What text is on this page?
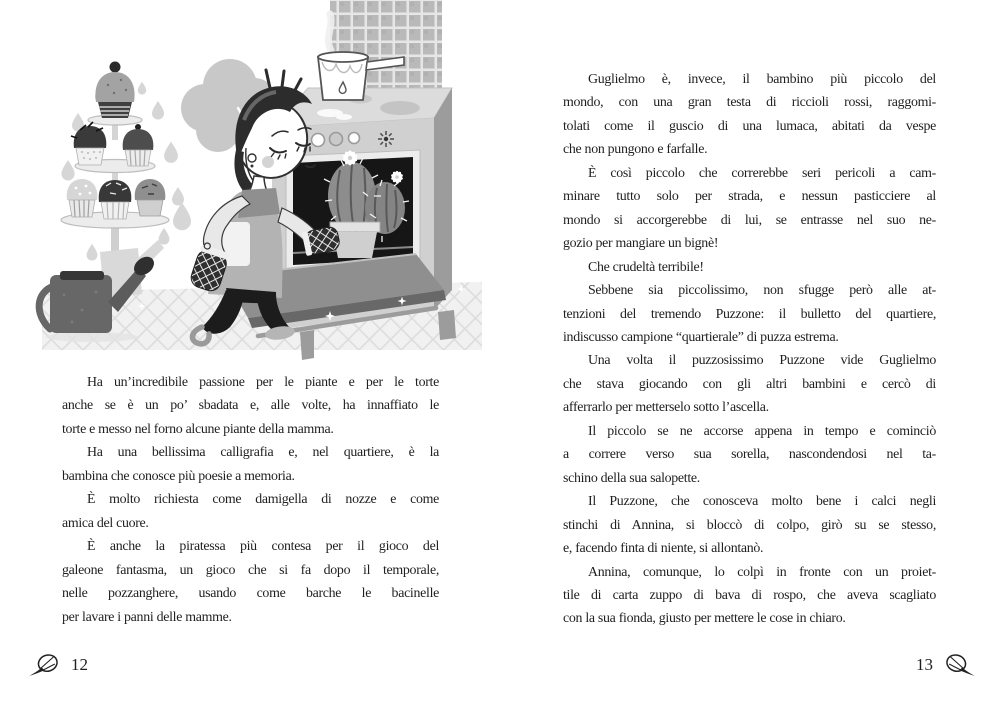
Ha un’incredibile passione per le piante e per le torte
anche se è un po’ sbadata e, alle volte, ha innaffiato le
torte e messo nel forno alcune piante della mamma.

Ha una bellissima calligrafia e, nel quartiere, è la
bambina che conosce più poesie a memoria.

È molto richiesta come damigella di nozze e come
amica del cuore.

È anche la piratessa più contesa per il gioco del
galeone fantasma, un gioco che si fa dopo il temporale,
nelle pozzanghere, usando come barche le bacinelle
per lavare i panni delle mamme.

Guglielmo è, invece, il bambino più piccolo del
mondo, con una gran testa di riccioli rossi, raggomi-
tolati come il guscio di una lumaca, abitati da vespe
che non pungono e farfalle.

È così piccolo che correrebbe seri pericoli a cam-
minare tutto solo per strada, e nessun pasticciere al
mondo si accorgerebbe di lui, se entrasse nel suo ne-
gozio per mangiare un bignè!

Che crudeltà terribile!

Sebbene sia piccolissimo, non sfugge però alle at-
tenzioni del tremendo Puzzone: il bulletto del quartiere,
indiscusso campione “quartierale” di puzza estrema.

Una volta il puzzosissimo Puzzone vide Guglielmo
che stava giocando con gli altri bambini e cercò di
afferrarlo per metterselo sotto l’ascella.

Il piccolo se ne accorse appena in tempo e cominciò
a correre verso sua sorella, nascondendosi nel ta-
schino della sua salopette.

Il Puzzone, che conosceva molto bene i calci negli
stinchi di Annina, si bloccò di colpo, girò su se stesso,
e, facendo finta di niente, si allontanò.

Annina, comunque, lo colpì in fronte con un proiet-
tile di carta zuppo di bava di rospo, che aveva scagliato
con la sua fionda, giusto per mettere le cose in chiaro.

12	13
